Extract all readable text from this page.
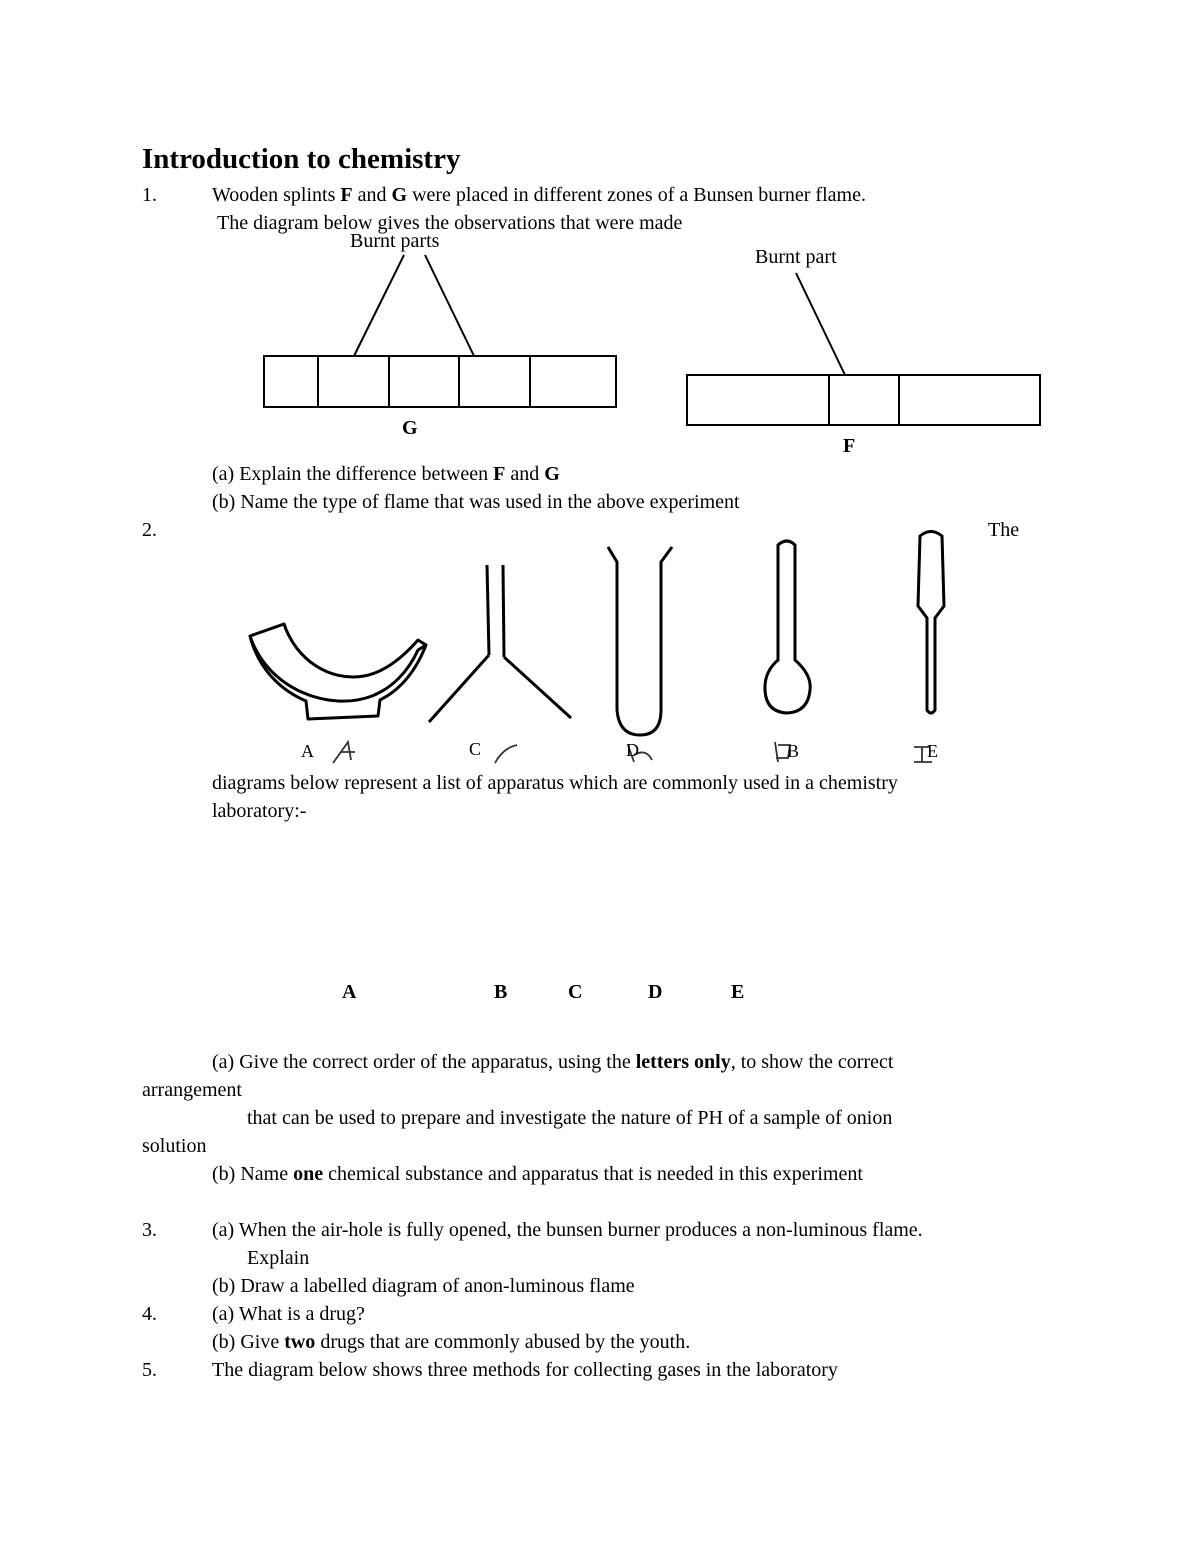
Introduction to chemistry
1.	Wooden splints F and G were placed in different zones of a Bunsen burner flame.
The diagram below gives the observations that were made
Burnt parts
Burnt part
G
F
(a) Explain the difference between F and G
(b) Name the type of flame that was used in the above experiment
2.	The
A	C	D	B	E
diagrams below represent a list of apparatus which are commonly used in a chemistry
laboratory:-
A	B	C	D	E
(a) Give the correct order of the apparatus, using the letters only, to show the correct
arrangement
that can be used to prepare and investigate the nature of PH of a sample of onion
solution
(b) Name one chemical substance and apparatus that is needed in this experiment
3.	(a) When the air-hole is fully opened, the bunsen burner produces a non-luminous flame.
Explain
(b) Draw a labelled diagram of anon-luminous flame
4.	(a) What is a drug?
(b) Give two drugs that are commonly abused by the youth.
5.	The diagram below shows three methods for collecting gases in the laboratory
